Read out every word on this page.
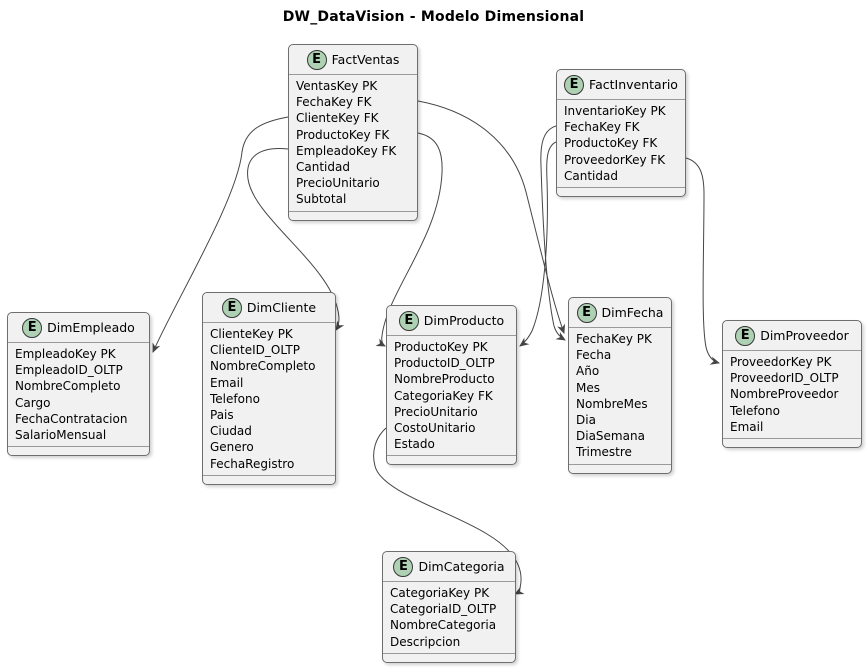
DW_DataVision - Modelo Dimensional
E FactVentas
VentasKey PK
FechaKey FK
ClienteKey FK
ProductoKey FK
EmpleadoKey FK
Cantidad
PrecioUnitario
Subtotal
E FactInventario
InventarioKey PK
FechaKey FK
ProductoKey FK
ProveedorKey FK
Cantidad
E DimEmpleado
EmpleadoKey PK
EmpleadoID_OLTP
NombreCompleto
Cargo
FechaContratacion
SalarioMensual
E DimCliente
ClienteKey PK
ClienteID_OLTP
NombreCompleto
Email
Telefono
Pais
Ciudad
Genero
FechaRegistro
E DimProducto
ProductoKey PK
ProductoID_OLTP
NombreProducto
CategoriaKey FK
PrecioUnitario
CostoUnitario
Estado
E DimFecha
FechaKey PK
Fecha
Año
Mes
NombreMes
Dia
DiaSemana
Trimestre
E DimProveedor
ProveedorKey PK
ProveedorID_OLTP
NombreProveedor
Telefono
Email
E DimCategoria
CategoriaKey PK
CategoriaID_OLTP
NombreCategoria
Descripcion
